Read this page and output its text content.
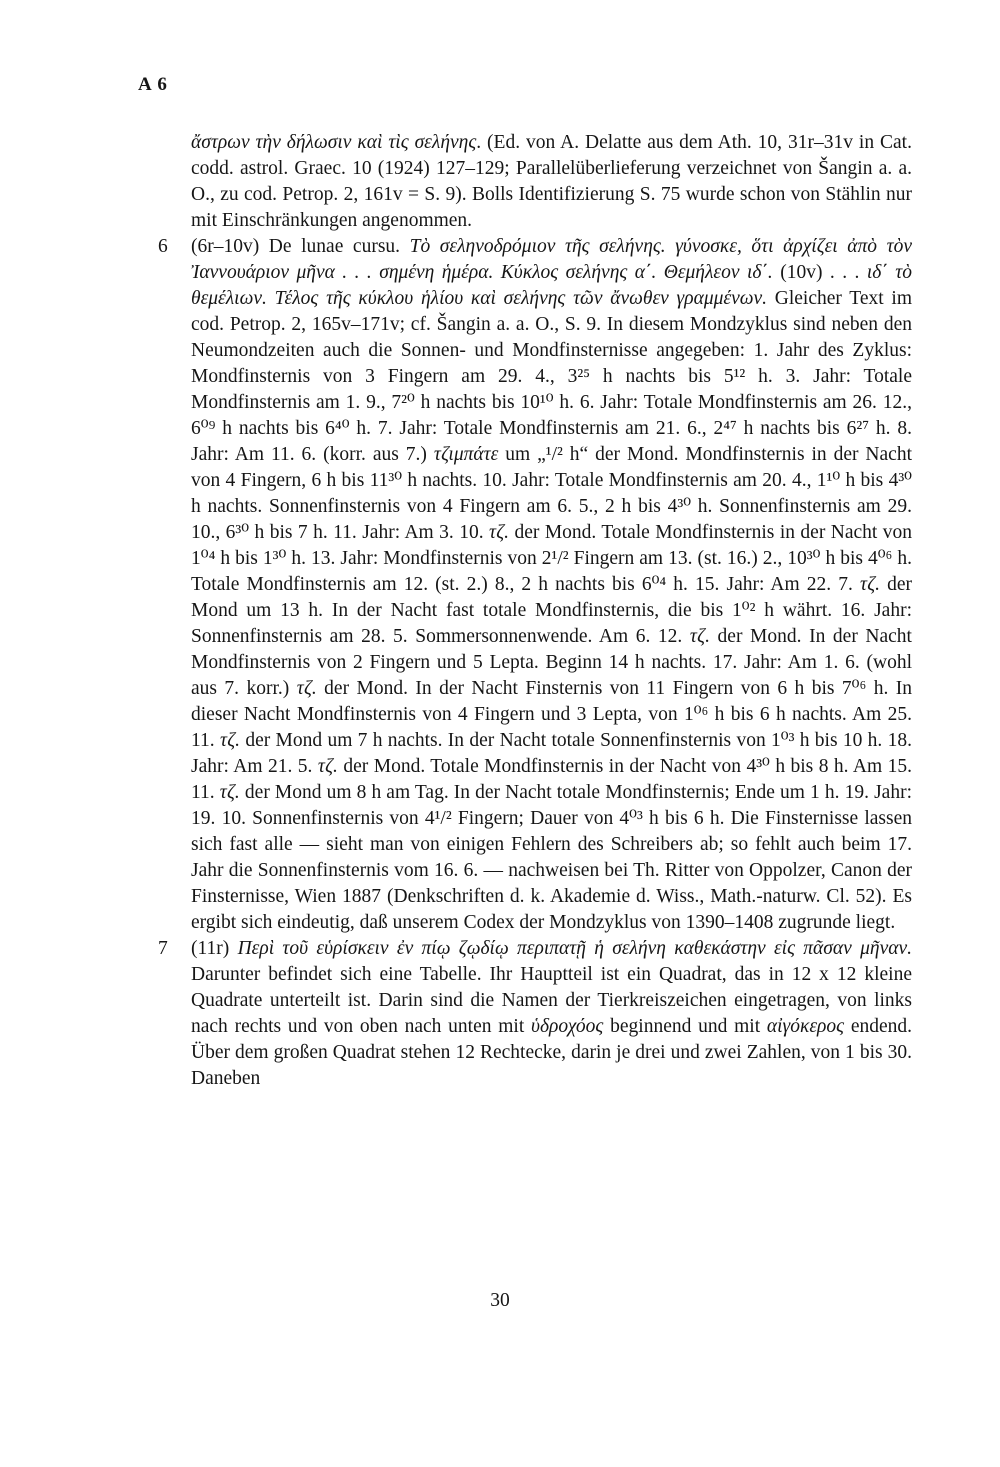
A 6
ἄστρων τὴν δήλωσιν καὶ τὶς σελήνης. (Ed. von A. Delatte aus dem Ath. 10, 31r–31v in Cat. codd. astrol. Graec. 10 (1924) 127–129; Parallelüberlieferung verzeichnet von Šangin a. a. O., zu cod. Petrop. 2, 161v = S. 9). Bolls Identifizierung S. 75 wurde schon von Stählin nur mit Einschränkungen angenommen.
6 (6r–10v) De lunae cursu. Τὸ σεληνοδρόμιον τῆς σελήνης. γύνοσκε, ὅτι ἀρχίζει ἀπὸ τὸν Ἰαννουάριον μῆνα . . . σημένη ἡμέρα. Κύκλος σελήνης α΄. Θεμήλεον ιδ΄. (10v) . . . ιδ΄ τὸ θεμέλιων. Τέλος τῆς κύκλου ἡλίου καὶ σελήνης τῶν ἄνωθεν γραμμένων. Gleicher Text im cod. Petrop. 2, 165v–171v; cf. Šangin a. a. O., S. 9. In diesem Mondzyklus sind neben den Neumondzeiten auch die Sonnen- und Mondfinsternisse angegeben: 1. Jahr des Zyklus: Mondfinsternis von 3 Fingern am 29. 4., 3²⁵ h nachts bis 5¹² h. 3. Jahr: Totale Mondfinsternis am 1. 9., 7²⁰ h nachts bis 10¹⁰ h. 6. Jahr: Totale Mondfinsternis am 26. 12., 6⁰⁹ h nachts bis 6⁴⁰ h. 7. Jahr: Totale Mondfinsternis am 21. 6., 2⁴⁷ h nachts bis 6²⁷ h. 8. Jahr: Am 11. 6. (korr. aus 7.) τζιμπάτε um „¹/² h“ der Mond. Mondfinsternis in der Nacht von 4 Fingern, 6 h bis 11³⁰ h nachts. 10. Jahr: Totale Mondfinsternis am 20. 4., 1¹⁰ h bis 4³⁰ h nachts. Sonnenfinsternis von 4 Fingern am 6. 5., 2 h bis 4³⁰ h. Sonnenfinsternis am 29. 10., 6³⁰ h bis 7 h. 11. Jahr: Am 3. 10. τζ. der Mond. Totale Mondfinsternis in der Nacht von 1⁰⁴ h bis 1³⁰ h. 13. Jahr: Mondfinsternis von 2¹/² Fingern am 13. (st. 16.) 2., 10³⁰ h bis 4⁰⁶ h. Totale Mondfinsternis am 12. (st. 2.) 8., 2 h nachts bis 6⁰⁴ h. 15. Jahr: Am 22. 7. τζ. der Mond um 13 h. In der Nacht fast totale Mondfinsternis, die bis 1⁰² h währt. 16. Jahr: Sonnenfinsternis am 28. 5. Sommersonnenwende. Am 6. 12. τζ. der Mond. In der Nacht Mondfinsternis von 2 Fingern und 5 Lepta. Beginn 14 h nachts. 17. Jahr: Am 1. 6. (wohl aus 7. korr.) τζ. der Mond. In der Nacht Finsternis von 11 Fingern von 6 h bis 7⁰⁶ h. In dieser Nacht Mondfinsternis von 4 Fingern und 3 Lepta, von 1⁰⁶ h bis 6 h nachts. Am 25. 11. τζ. der Mond um 7 h nachts. In der Nacht totale Sonnenfinsternis von 1⁰³ h bis 10 h. 18. Jahr: Am 21. 5. τζ. der Mond. Totale Mondfinsternis in der Nacht von 4³⁰ h bis 8 h. Am 15. 11. τζ. der Mond um 8 h am Tag. In der Nacht totale Mondfinsternis; Ende um 1 h. 19. Jahr: 19. 10. Sonnenfinsternis von 4¹/² Fingern; Dauer von 4⁰³ h bis 6 h. Die Finsternisse lassen sich fast alle — sieht man von einigen Fehlern des Schreibers ab; so fehlt auch beim 17. Jahr die Sonnenfinsternis vom 16. 6. — nachweisen bei Th. Ritter von Oppolzer, Canon der Finsternisse, Wien 1887 (Denkschriften d. k. Akademie d. Wiss., Math.-naturw. Cl. 52). Es ergibt sich eindeutig, daß unserem Codex der Mondzyklus von 1390–1408 zugrunde liegt.
7 (11r) Περὶ τοῦ εὑρίσκειν ἐν πίῳ ζῳδίῳ περιπατῇ ἡ σελήνη καθεκάστην εἰς πᾶσαν μῆναν. Darunter befindet sich eine Tabelle. Ihr Hauptteil ist ein Quadrat, das in 12 x 12 kleine Quadrate unterteilt ist. Darin sind die Namen der Tierkreiszeichen eingetragen, von links nach rechts und von oben nach unten mit ὑδροχόος beginnend und mit αἰγόκερος endend. Über dem großen Quadrat stehen 12 Rechtecke, darin je drei und zwei Zahlen, von 1 bis 30. Daneben
30
